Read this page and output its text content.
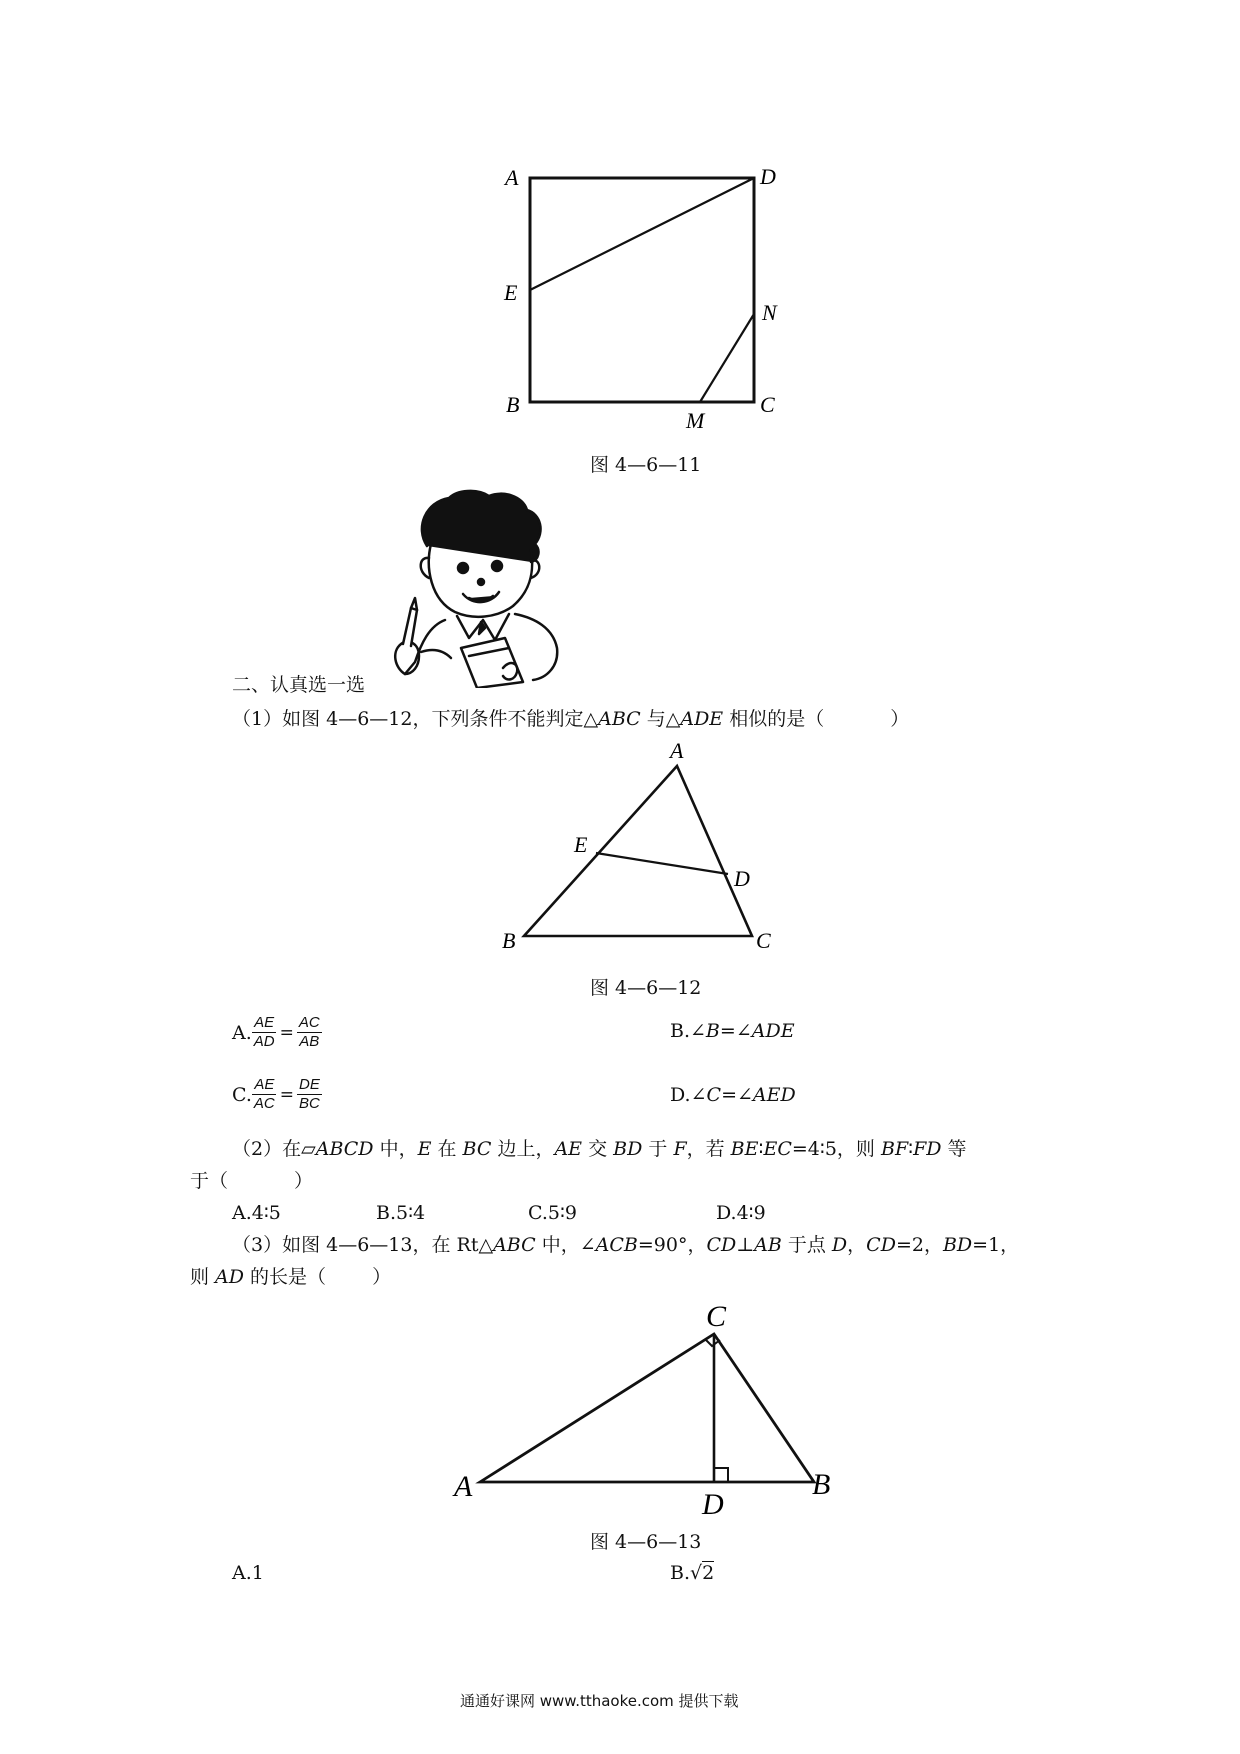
A	D
E
N
B
M
C
图 4—6—11
二、认真选一选
（1）如图 4—6—12，下列条件不能判定△ABC 与△ADE 相似的是（	）
A
E
D
B	C
图 4—6—12
A. $\frac{AE}{AD} = \frac{AC}{AB}$	B. ∠B=∠ADE
C. $\frac{AE}{AC} = \frac{DE}{BC}$	D. ∠C=∠AED
（2）在▱ABCD 中，E 在 BC 边上，AE 交 BD 于 F，若 BE∶EC=4∶5，则 BF∶FD 等
于（	）
A.4∶5	B.5∶4	C.5∶9	D.4∶9
（3）如图 4—6—13，在 Rt△ABC 中，∠ACB=90°，CD⊥AB 于点 D，CD=2，BD=1，
则 AD 的长是（ ）
C
A
D
B
图 4—6—13
A.1	B.√2
通通好课网 www.tthaoke.com 提供下载
